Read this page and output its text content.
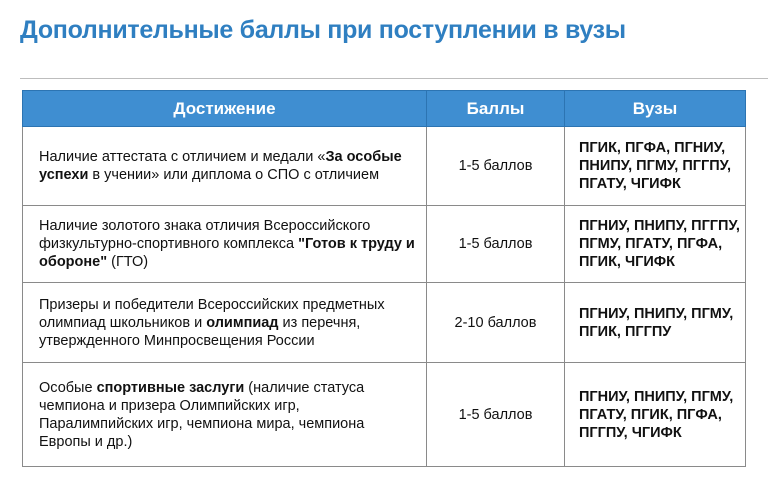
Дополнительные баллы при поступлении в вузы
Достижение	Баллы	Вузы
Наличие аттестата с отличием и медали «За особые успехи в учении» или диплома о СПО с отличием	1-5 баллов	ПГИК, ПГФА, ПГНИУ, ПНИПУ, ПГМУ, ПГГПУ, ПГАТУ, ЧГИФК
Наличие золотого знака отличия Всероссийского физкультурно-спортивного комплекса "Готов к труду и обороне" (ГТО)	1-5 баллов	ПГНИУ, ПНИПУ, ПГГПУ, ПГМУ, ПГАТУ, ПГФА, ПГИК, ЧГИФК
Призеры и победители Всероссийских предметных олимпиад школьников и олимпиад из перечня, утвержденного Минпросвещения России	2-10 баллов	ПГНИУ, ПНИПУ, ПГМУ, ПГИК, ПГГПУ
Особые спортивные заслуги (наличие статуса чемпиона и призера Олимпийских игр, Паралимпийских игр, чемпиона мира, чемпиона Европы и др.)	1-5 баллов	ПГНИУ, ПНИПУ, ПГМУ, ПГАТУ, ПГИК, ПГФА, ПГГПУ, ЧГИФК
